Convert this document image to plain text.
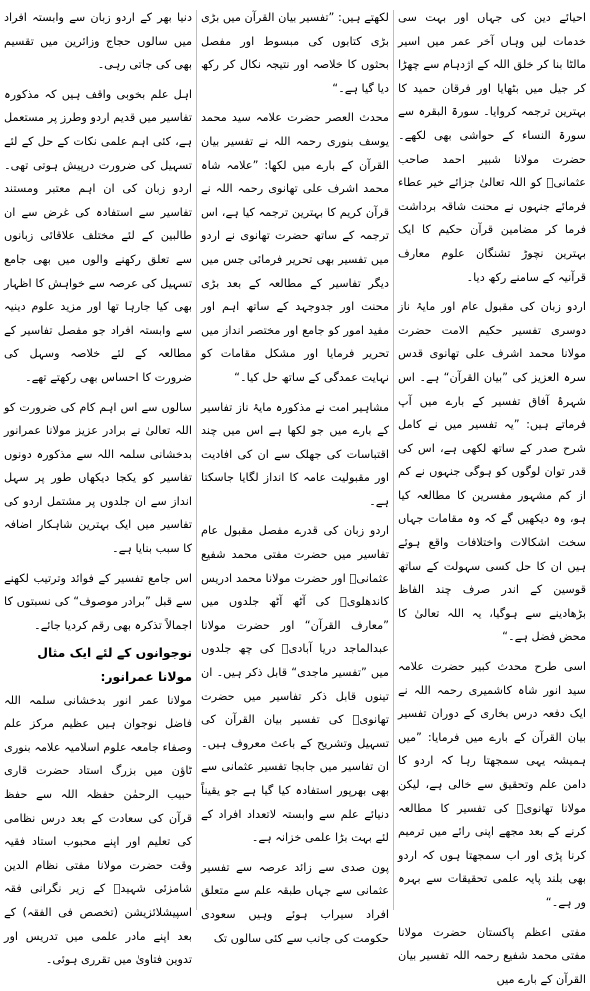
احیائے دین کی جہاں اور بہت سی خدمات لیں وہاں آخر عمر میں اسیر مالٹا بنا کر خلق اللہ کے اژدہام سے چھڑا کر جیل میں بٹھایا اور فرقان حمید کا بہترین ترجمہ کروایا۔ سورۃ البقرہ سے سورۃ النساء کے حواشی بھی لکھے۔ حضرت مولانا شبیر احمد صاحب عثمانیؒ کو اللہ تعالیٰ جزائے خیر عطاء فرمائے جنہوں نے محنت شاقہ برداشت فرما کر مضامین قرآن حکیم کا ایک بہترین نچوڑ تشنگان علوم معارف قرآنیہ کے سامنے رکھ دیا۔

اردو زبان کی مقبول عام اور مایۂ ناز دوسری تفسیر حکیم الامت حضرت مولانا محمد اشرف علی تھانوی قدس سرہ العزیز کی ”بیان القرآن“ ہے۔ اس شہرۂ آفاق تفسیر کے بارے میں آپ فرماتے ہیں: ”یہ تفسیر میں نے کامل شرح صدر کے ساتھ لکھی ہے، اس کی قدر توان لوگوں کو ہوگی جنہوں نے کم از کم مشہور مفسرین کا مطالعہ کیا ہو، وہ دیکھیں گے کہ وہ مقامات جہاں سخت اشکالات واختلافات واقع ہوئے ہیں ان کا حل کسی سہولت کے ساتھ قوسین کے اندر صرف چند الفاظ بڑھادینے سے ہوگیا، یہ اللہ تعالیٰ کا محض فضل ہے۔“

اسی طرح محدث کبیر حضرت علامہ سید انور شاہ کاشمیری رحمہ اللہ نے ایک دفعہ درس بخاری کے دوران تفسیر بیان القرآن کے بارے میں فرمایا: ”میں ہمیشہ یہی سمجھتا رہا کہ اردو کا دامن علم وتحقیق سے خالی ہے، لیکن مولانا تھانویؒ کی تفسیر کا مطالعہ کرنے کے بعد مجھے اپنی رائے میں ترمیم کرنا پڑی اور اب سمجھتا ہوں کہ اردو بھی بلند پایہ علمی تحقیقات سے بہرہ ور ہے۔“

مفتی اعظم پاکستان حضرت مولانا مفتی محمد شفیع رحمہ اللہ تفسیر بیان القرآن کے بارے میں

لکھتے ہیں: ”تفسیر بیان القرآن میں بڑی بڑی کتابوں کی مبسوط اور مفصل بحثوں کا خلاصہ اور نتیجہ نکال کر رکھ دیا گیا ہے۔“

محدث العصر حضرت علامہ سید محمد یوسف بنوری رحمہ اللہ نے تفسیر بیان القرآن کے بارے میں لکھا: ”علامہ شاہ محمد اشرف علی تھانوی رحمہ اللہ نے قرآن کریم کا بہترین ترجمہ کیا ہے، اس ترجمہ کے ساتھ حضرت تھانوی نے اردو میں تفسیر بھی تحریر فرمائی جس میں دیگر تفاسیر کے مطالعہ کے بعد بڑی محنت اور جدوجہد کے ساتھ اہم اور مفید امور کو جامع اور مختصر انداز میں تحریر فرمایا اور مشکل مقامات کو نہایت عمدگی کے ساتھ حل کیا۔“

مشاہیر امت نے مذکورہ مایۂ ناز تفاسیر کے بارے میں جو لکھا ہے اس میں چند اقتباسات کی جھلک سے ان کی افادیت اور مقبولیت عامہ کا انداز لگایا جاسکتا ہے۔

اردو زبان کی قدرے مفصل مقبول عام تفاسیر میں حضرت مفتی محمد شفیع عثمانیؒ اور حضرت مولانا محمد ادریس کاندھلویؒ کی آٹھ آٹھ جلدوں میں ”معارف القرآن“ اور حضرت مولانا عبدالماجد دریا آبادیؒ کی چھ جلدوں میں ”تفسیر ماجدی“ قابل ذکر ہیں۔ ان تینوں قابل ذکر تفاسیر میں حضرت تھانویؒ کی تفسیر بیان القرآن کی تسہیل وتشریح کے باعث معروف ہیں۔ ان تفاسیر میں جابجا تفسیر عثمانی سے بھی بھرپور استفادہ کیا گیا ہے جو یقیناً دنیائے علم سے وابستہ لاتعداد افراد کے لئے بہت بڑا علمی خزانہ ہے۔

پون صدی سے زائد عرصہ سے تفسیر عثمانی سے جہاں طبقہ علم سے متعلق افراد سیراب ہوئے وہیں سعودی حکومت کی جانب سے کئی سالوں تک

دنیا بھر کے اردو زبان سے وابستہ افراد میں سالوں حجاج وزائرین میں تقسیم بھی کی جاتی رہی۔

اہل علم بخوبی واقف ہیں کہ مذکورہ تفاسیر میں قدیم اردو وطرز پر مستعمل ہے، کئی اہم علمی نکات کے حل کے لئے تسہیل کی ضرورت درپیش ہوتی تھی۔ اردو زبان کی ان اہم معتبر ومستند تفاسیر سے استفادہ کی غرض سے ان طالبین کے لئے مختلف علاقائی زبانوں سے تعلق رکھنے والوں میں بھی جامع تسہیل کی عرصہ سے خواہش کا اظہار بھی کیا جارہا تھا اور مزید علوم دینیہ سے وابستہ افراد جو مفصل تفاسیر کے مطالعہ کے لئے خلاصہ وسہل کی ضرورت کا احساس بھی رکھتے تھے۔

سالوں سے اس اہم کام کی ضرورت کو اللہ تعالیٰ نے برادر عزیز مولانا عمرانور بدخشانی سلمہ اللہ سے مذکورہ دونوں تفاسیر کو یکجا دیکھاں طور پر سہل انداز سے ان جلدوں پر مشتمل اردو کی تفاسیر میں ایک بہترین شاہکار اضافہ کا سبب بنایا ہے۔

اس جامع تفسیر کے فوائد وترتیب لکھنے سے قبل ”برادر موصوف“ کی نسبتوں کا اجمالاً تذکرہ بھی رقم کردیا جائے۔

نوجوانوں کے لئے ایک مثال مولانا عمرانور:

مولانا عمر انور بدخشانی سلمہ اللہ فاضل نوجوان ہیں عظیم مرکز علم وصفاء جامعہ علوم اسلامیہ علامہ بنوری ٹاؤن میں بزرگ استاد حضرت قاری حبیب الرحمٰن حفظہ اللہ سے حفظ قرآن کی سعادت کے بعد درس نظامی کی تعلیم اور اپنے محبوب استاد فقیہ وقت حضرت مولانا مفتی نظام الدین شامزئی شہیدؒ کے زیر نگرانی فقہ اسپیشلائزیشن (تخصص فی الفقہ) کے بعد اپنے مادر علمی میں تدریس اور تدوین فتاویٰ میں تقرری ہوئی۔
